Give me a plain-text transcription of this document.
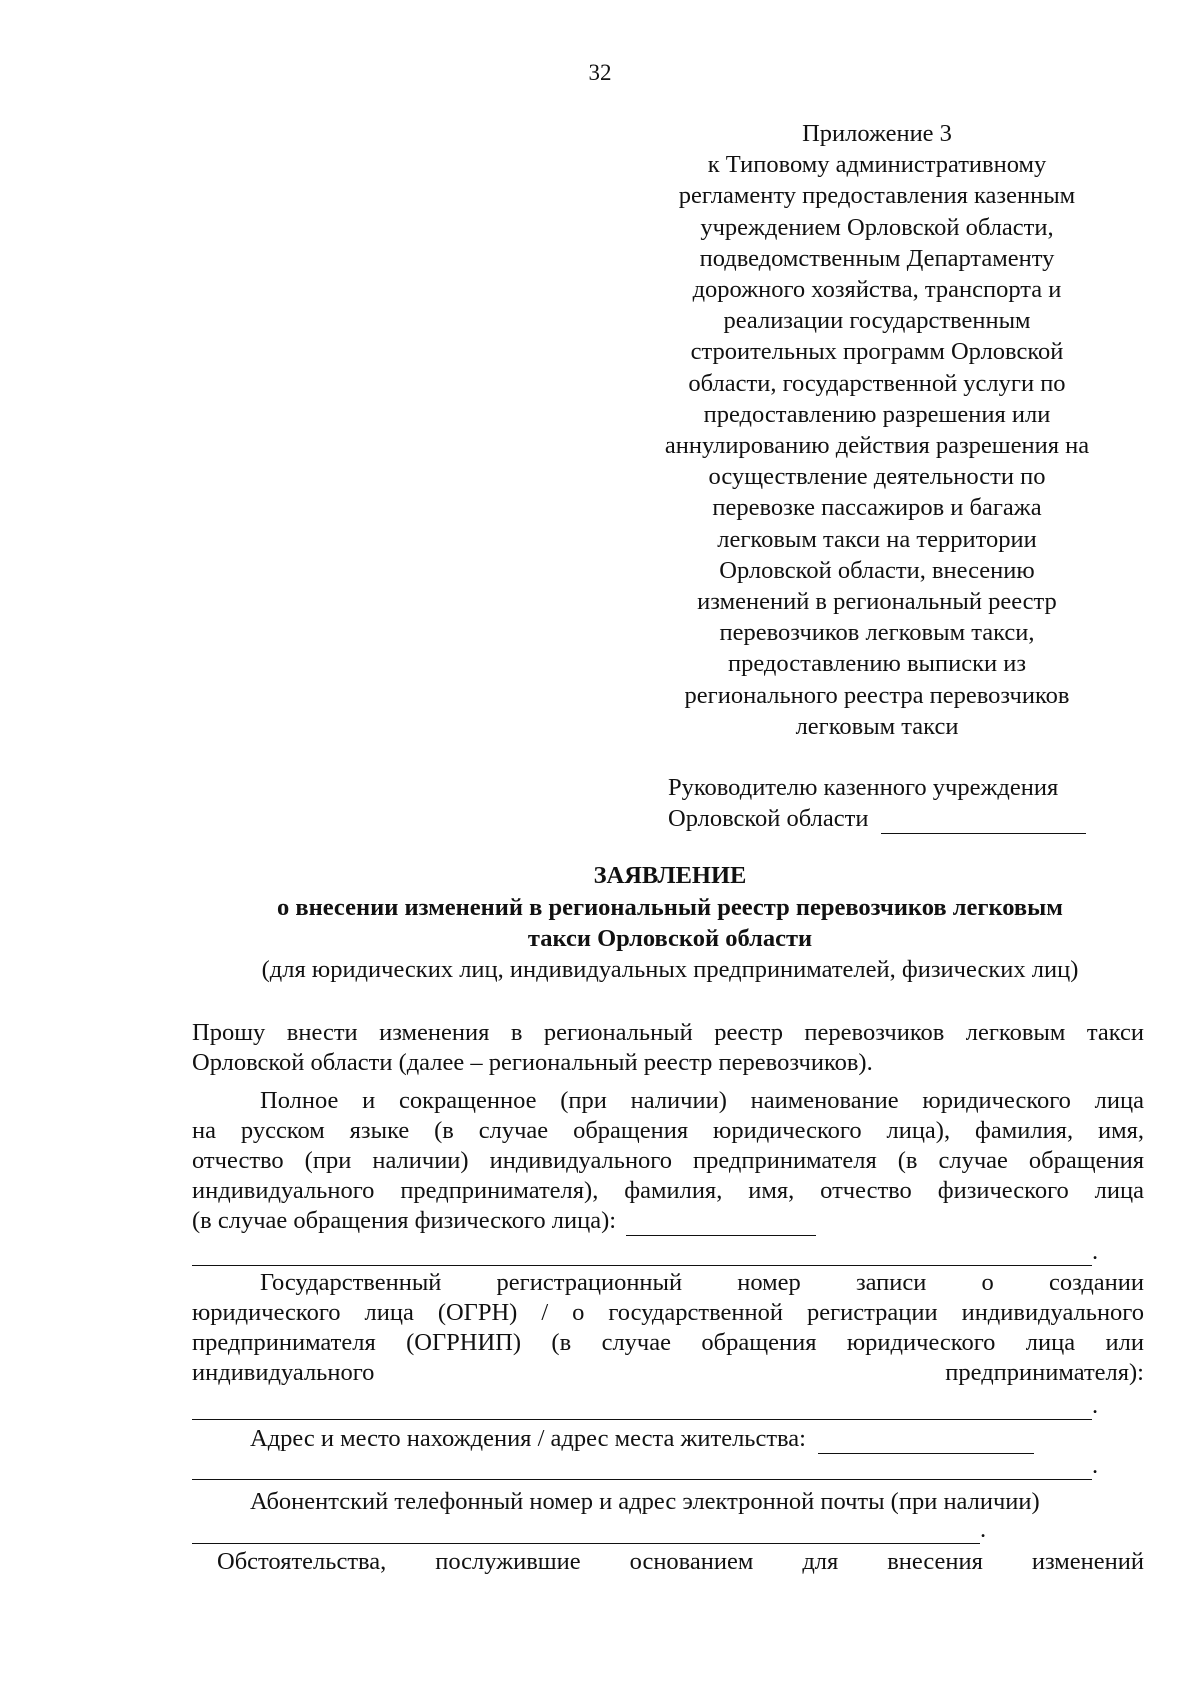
32
Приложение 3
к Типовому административному
регламенту предоставления казенным
учреждением Орловской области,
подведомственным Департаменту
дорожного хозяйства, транспорта и
реализации государственным
строительных программ Орловской
области, государственной услуги по
предоставлению разрешения или
аннулированию действия разрешения на
осуществление деятельности по
перевозке пассажиров и багажа
легковым такси на территории
Орловской области, внесению
изменений в региональный реестр
перевозчиков легковым такси,
предоставлению выписки из
регионального реестра перевозчиков
легковым такси
Руководителю казенного учреждения
Орловской области
ЗАЯВЛЕНИЕ
о внесении изменений в региональный реестр перевозчиков легковым
такси Орловской области
(для юридических лиц, индивидуальных предпринимателей, физических лиц)
Прошу внести изменения в региональный реестр перевозчиков легковым такси
Орловской области (далее – региональный реестр перевозчиков).
Полное и сокращенное (при наличии) наименование юридического лица
на русском языке (в случае обращения юридического лица), фамилия, имя,
отчество (при наличии) индивидуального предпринимателя (в случае обращения
индивидуального предпринимателя), фамилия, имя, отчество физического лица
(в случае обращения физического лица):
.
Государственный регистрационный номер записи о создании
юридического лица (ОГРН) / о государственной регистрации индивидуального
предпринимателя (ОГРНИП) (в случае обращения юридического лица или
индивидуального	предпринимателя):
.
Адрес и место нахождения / адрес места жительства:
.
Абонентский телефонный номер и адрес электронной почты (при наличии)
.
Обстоятельства, послужившие основанием для внесения изменений
